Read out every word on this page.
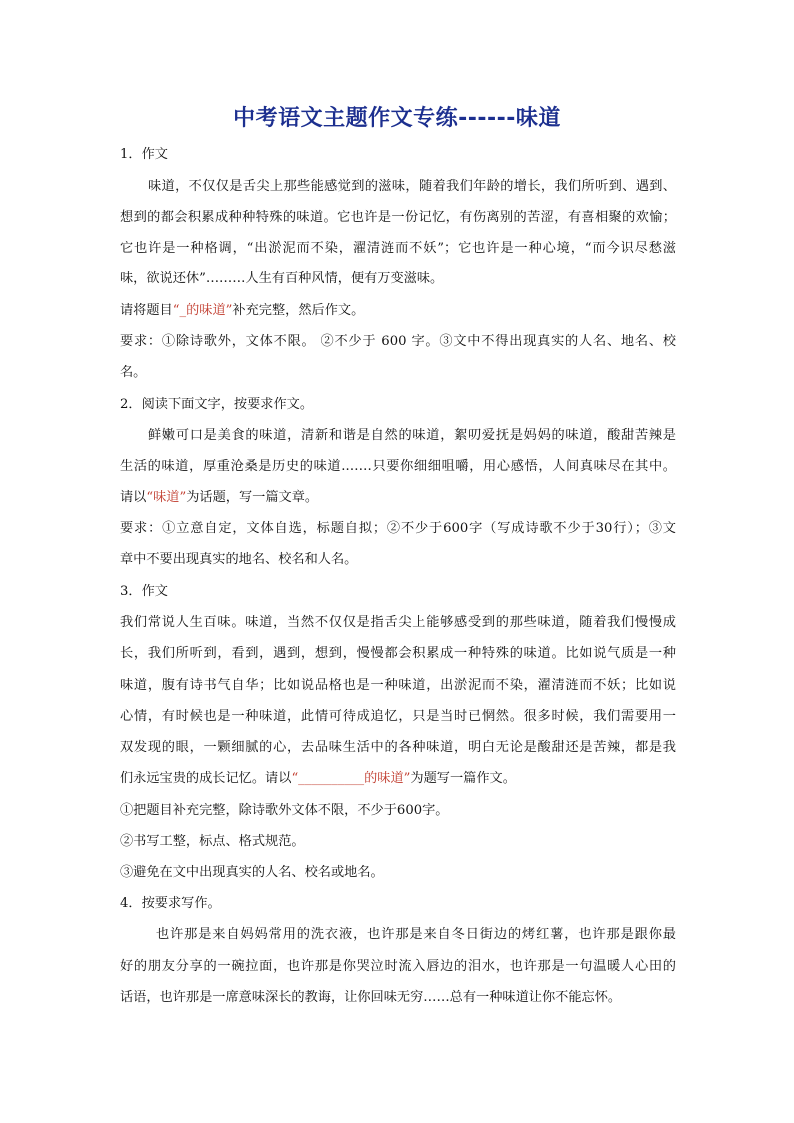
中考语文主题作文专练------味道
1．作文
味道，不仅仅是舌尖上那些能感觉到的滋味，随着我们年龄的增长，我们所听到、遇到、
想到的都会积累成种种特殊的味道。它也许是一份记忆，有伤离别的苦涩，有喜相聚的欢愉；
它也许是一种格调，“出淤泥而不染，濯清涟而不妖”；它也许是一种心境，“而今识尽愁滋
味，欲说还休”………人生有百种风情，便有万变滋味。
请将题目“_的味道”补充完整，然后作文。
要求：①除诗歌外，文体不限。 ②不少于 600 字。③文中不得出现真实的人名、地名、校
名。
2．阅读下面文字，按要求作文。
鲜嫩可口是美食的味道，清新和谐是自然的味道，絮叨爱抚是妈妈的味道，酸甜苦辣是
生活的味道，厚重沧桑是历史的味道.……只要你细细咀嚼，用心感悟，人间真味尽在其中。
请以“味道”为话题，写一篇文章。
要求：①立意自定，文体自选，标题自拟；②不少于600字（写成诗歌不少于30行）；③文
章中不要出现真实的地名、校名和人名。
3．作文
我们常说人生百味。味道，当然不仅仅是指舌尖上能够感受到的那些味道，随着我们慢慢成
长，我们所听到，看到，遇到，想到，慢慢都会积累成一种特殊的味道。比如说气质是一种
味道，腹有诗书气自华；比如说品格也是一种味道，出淤泥而不染，濯清涟而不妖；比如说
心情，有时候也是一种味道，此情可待成追忆，只是当时已惘然。很多时候，我们需要用一
双发现的眼，一颗细腻的心，去品味生活中的各种味道，明白无论是酸甜还是苦辣，都是我
们永远宝贵的成长记忆。请以“__________的味道”为题写一篇作文。
①把题目补充完整，除诗歌外文体不限，不少于600字。
②书写工整，标点、格式规范。
③避免在文中出现真实的人名、校名或地名。
4．按要求写作。
也许那是来自妈妈常用的洗衣液，也许那是来自冬日街边的烤红薯，也许那是跟你最
好的朋友分享的一碗拉面，也许那是你哭泣时流入唇边的泪水，也许那是一句温暖人心田的
话语，也许那是一席意味深长的教诲，让你回味无穷……总有一种味道让你不能忘怀。
